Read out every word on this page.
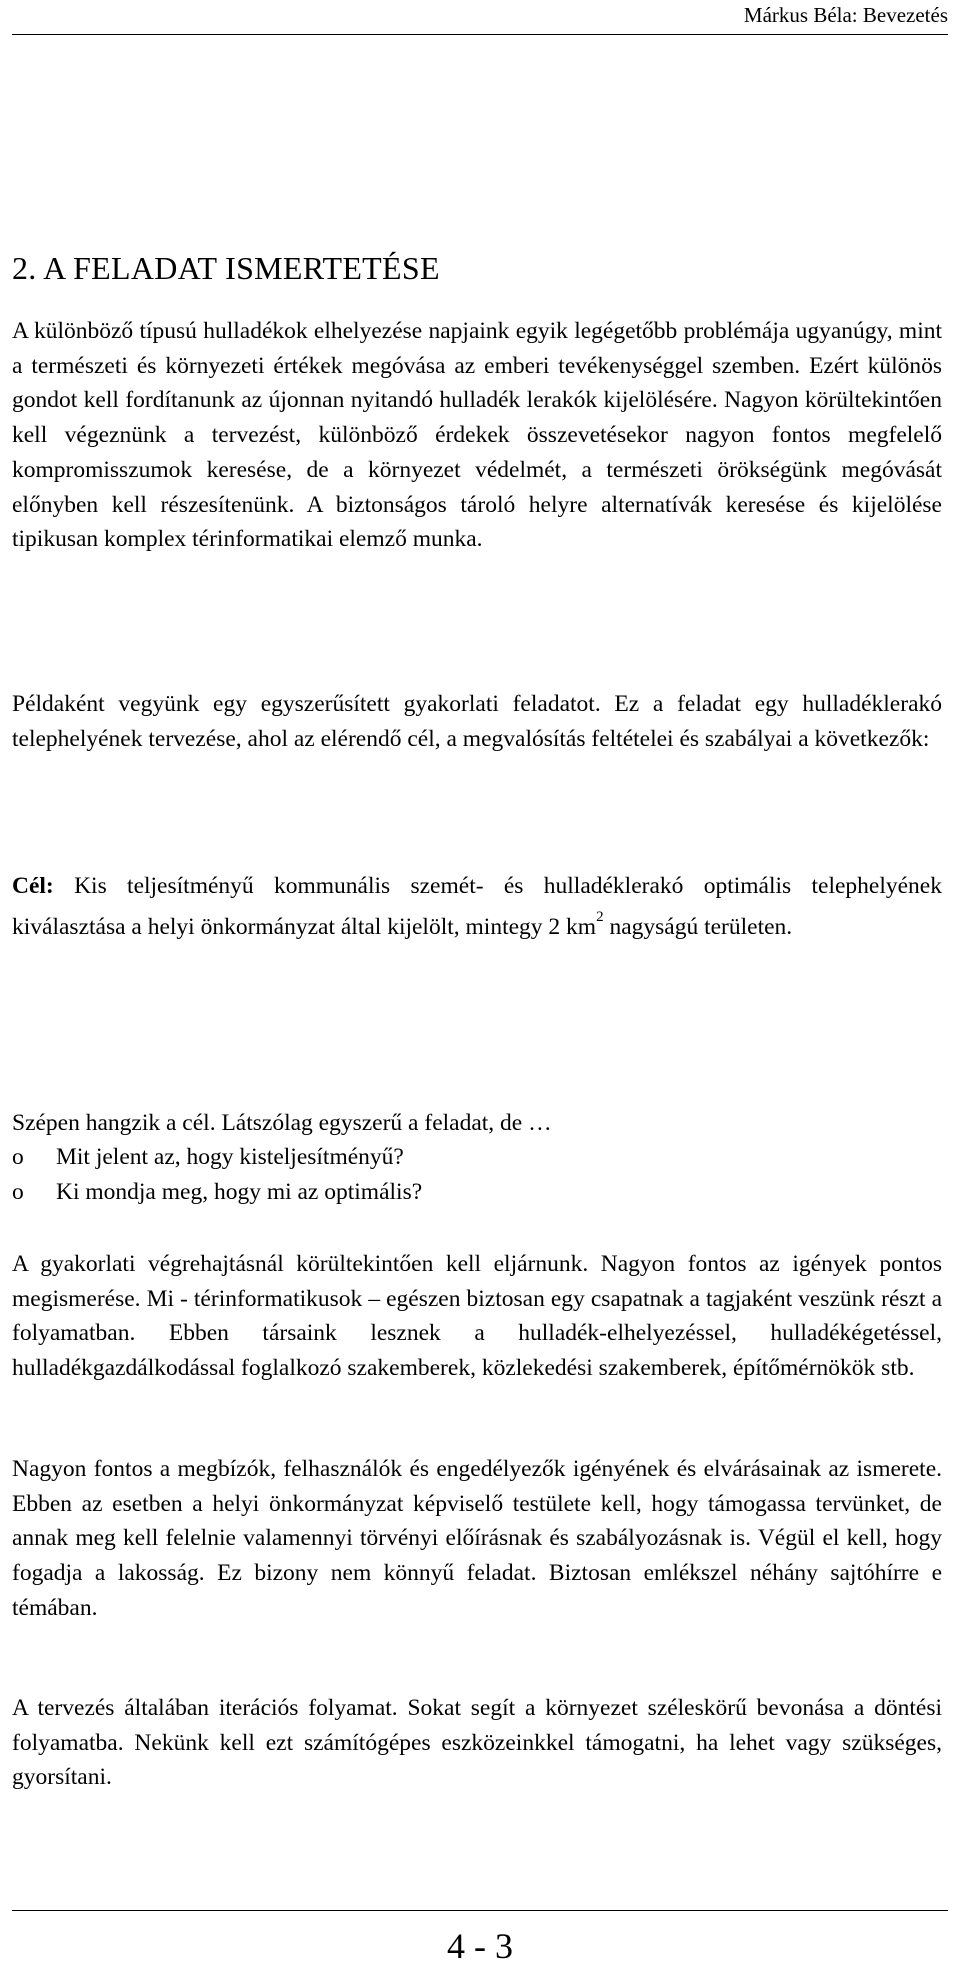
Márkus Béla: Bevezetés
2. A FELADAT ISMERTETÉSE

A különböző típusú hulladékok elhelyezése napjaink egyik legégetőbb problémája ugyanúgy, mint a természeti és környezeti értékek megóvása az emberi tevékenységgel szemben. Ezért különös gondot kell fordítanunk az újonnan nyitandó hulladék lerakók kijelölésére. Nagyon körültekintően kell végeznünk a tervezést, különböző érdekek összevetésekor nagyon fontos megfelelő kompromisszumok keresése, de a környezet védelmét, a természeti örökségünk megóvását előnyben kell részesítenünk. A biztonságos tároló helyre alternatívák keresése és kijelölése tipikusan komplex térinformatikai elemző munka.

Példaként vegyünk egy egyszerűsített gyakorlati feladatot. Ez a feladat egy hulladéklerakó telephelyének tervezése, ahol az elérendő cél, a megvalósítás feltételei és szabályai a következők:

Cél: Kis teljesítményű kommunális szemét- és hulladéklerakó optimális telephelyének kiválasztása a helyi önkormányzat által kijelölt, mintegy 2 $km^2$ nagyságú területen.

Szépen hangzik a cél. Látszólag egyszerű a feladat, de …

o	Mit jelent az, hogy kisteljesítményű?
o	Ki mondja meg, hogy mi az optimális?

A gyakorlati végrehajtásnál körültekintően kell eljárnunk. Nagyon fontos az igények pontos megismerése. Mi - térinformatikusok – egészen biztosan egy csapatnak a tagjaként veszünk részt a folyamatban. Ebben társaink lesznek a hulladék-elhelyezéssel, hulladékégetéssel, hulladékgazdálkodással foglalkozó szakemberek, közlekedési szakemberek, építőmérnökök stb.

Nagyon fontos a megbízók, felhasználók és engedélyezők igényének és elvárásainak az ismerete. Ebben az esetben a helyi önkormányzat képviselő testülete kell, hogy támogassa tervünket, de annak meg kell felelnie valamennyi törvényi előírásnak és szabályozásnak is. Végül el kell, hogy fogadja a lakosság. Ez bizony nem könnyű feladat. Biztosan emlékszel néhány sajtóhírre e témában.

A tervezés általában iterációs folyamat. Sokat segít a környezet széleskörű bevonása a döntési folyamatba. Nekünk kell ezt számítógépes eszközeinkkel támogatni, ha lehet vagy szükséges, gyorsítani.

4 - 3
